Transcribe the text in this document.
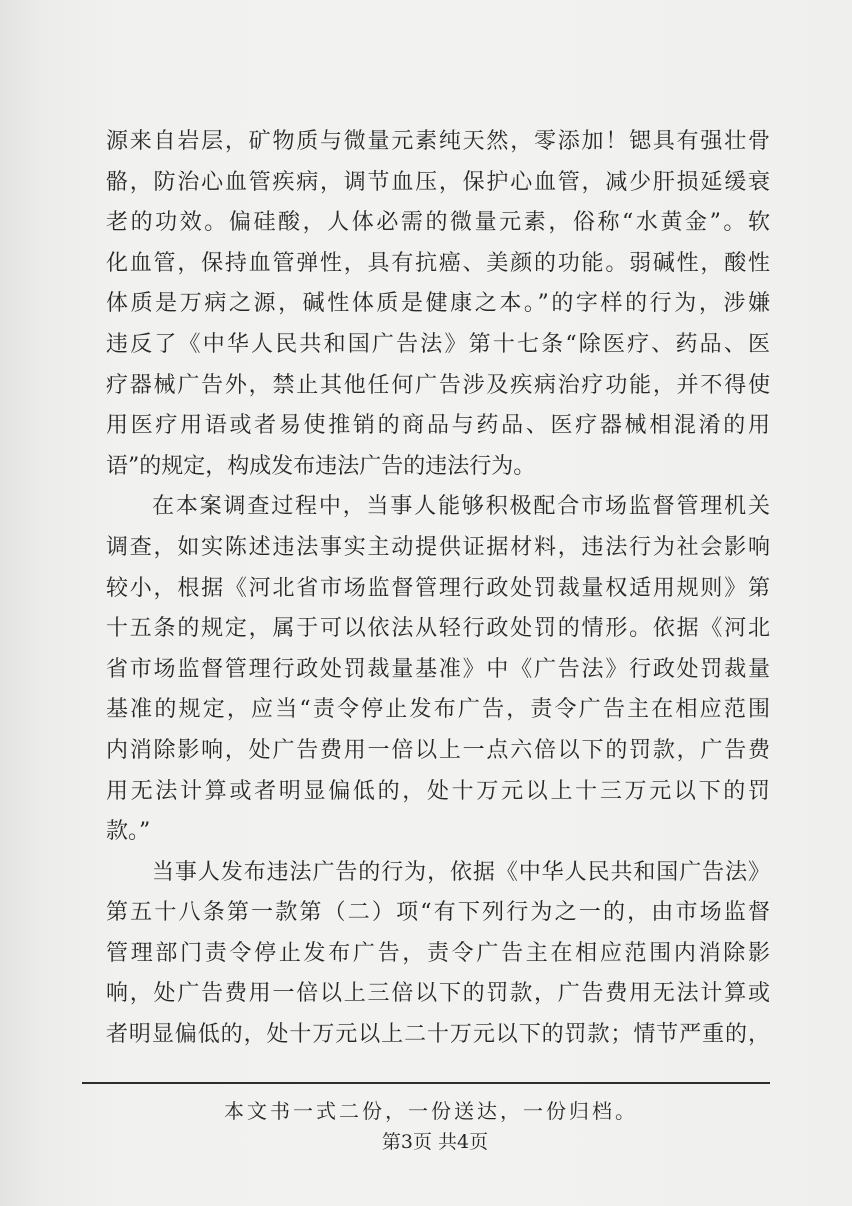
源来自岩层，矿物质与微量元素纯天然，零添加！锶具有强壮骨
骼，防治心血管疾病，调节血压，保护心血管，减少肝损延缓衰
老的功效。偏硅酸，人体必需的微量元素，俗称“水黄金”。软
化血管，保持血管弹性，具有抗癌、美颜的功能。弱碱性，酸性
体质是万病之源，碱性体质是健康之本。”的字样的行为，涉嫌
违反了《中华人民共和国广告法》第十七条“除医疗、药品、医
疗器械广告外，禁止其他任何广告涉及疾病治疗功能，并不得使
用医疗用语或者易使推销的商品与药品、医疗器械相混淆的用
语”的规定，构成发布违法广告的违法行为。
在本案调查过程中，当事人能够积极配合市场监督管理机关
调查，如实陈述违法事实主动提供证据材料，违法行为社会影响
较小，根据《河北省市场监督管理行政处罚裁量权适用规则》第
十五条的规定，属于可以依法从轻行政处罚的情形。依据《河北
省市场监督管理行政处罚裁量基准》中《广告法》行政处罚裁量
基准的规定，应当“责令停止发布广告，责令广告主在相应范围
内消除影响，处广告费用一倍以上一点六倍以下的罚款，广告费
用无法计算或者明显偏低的，处十万元以上十三万元以下的罚
款。”
当事人发布违法广告的行为，依据《中华人民共和国广告法》
第五十八条第一款第（二）项“有下列行为之一的，由市场监督
管理部门责令停止发布广告，责令广告主在相应范围内消除影
响，处广告费用一倍以上三倍以下的罚款，广告费用无法计算或
者明显偏低的，处十万元以上二十万元以下的罚款；情节严重的，
本文书一式二份，一份送达，一份归档。
第3页 共4页
